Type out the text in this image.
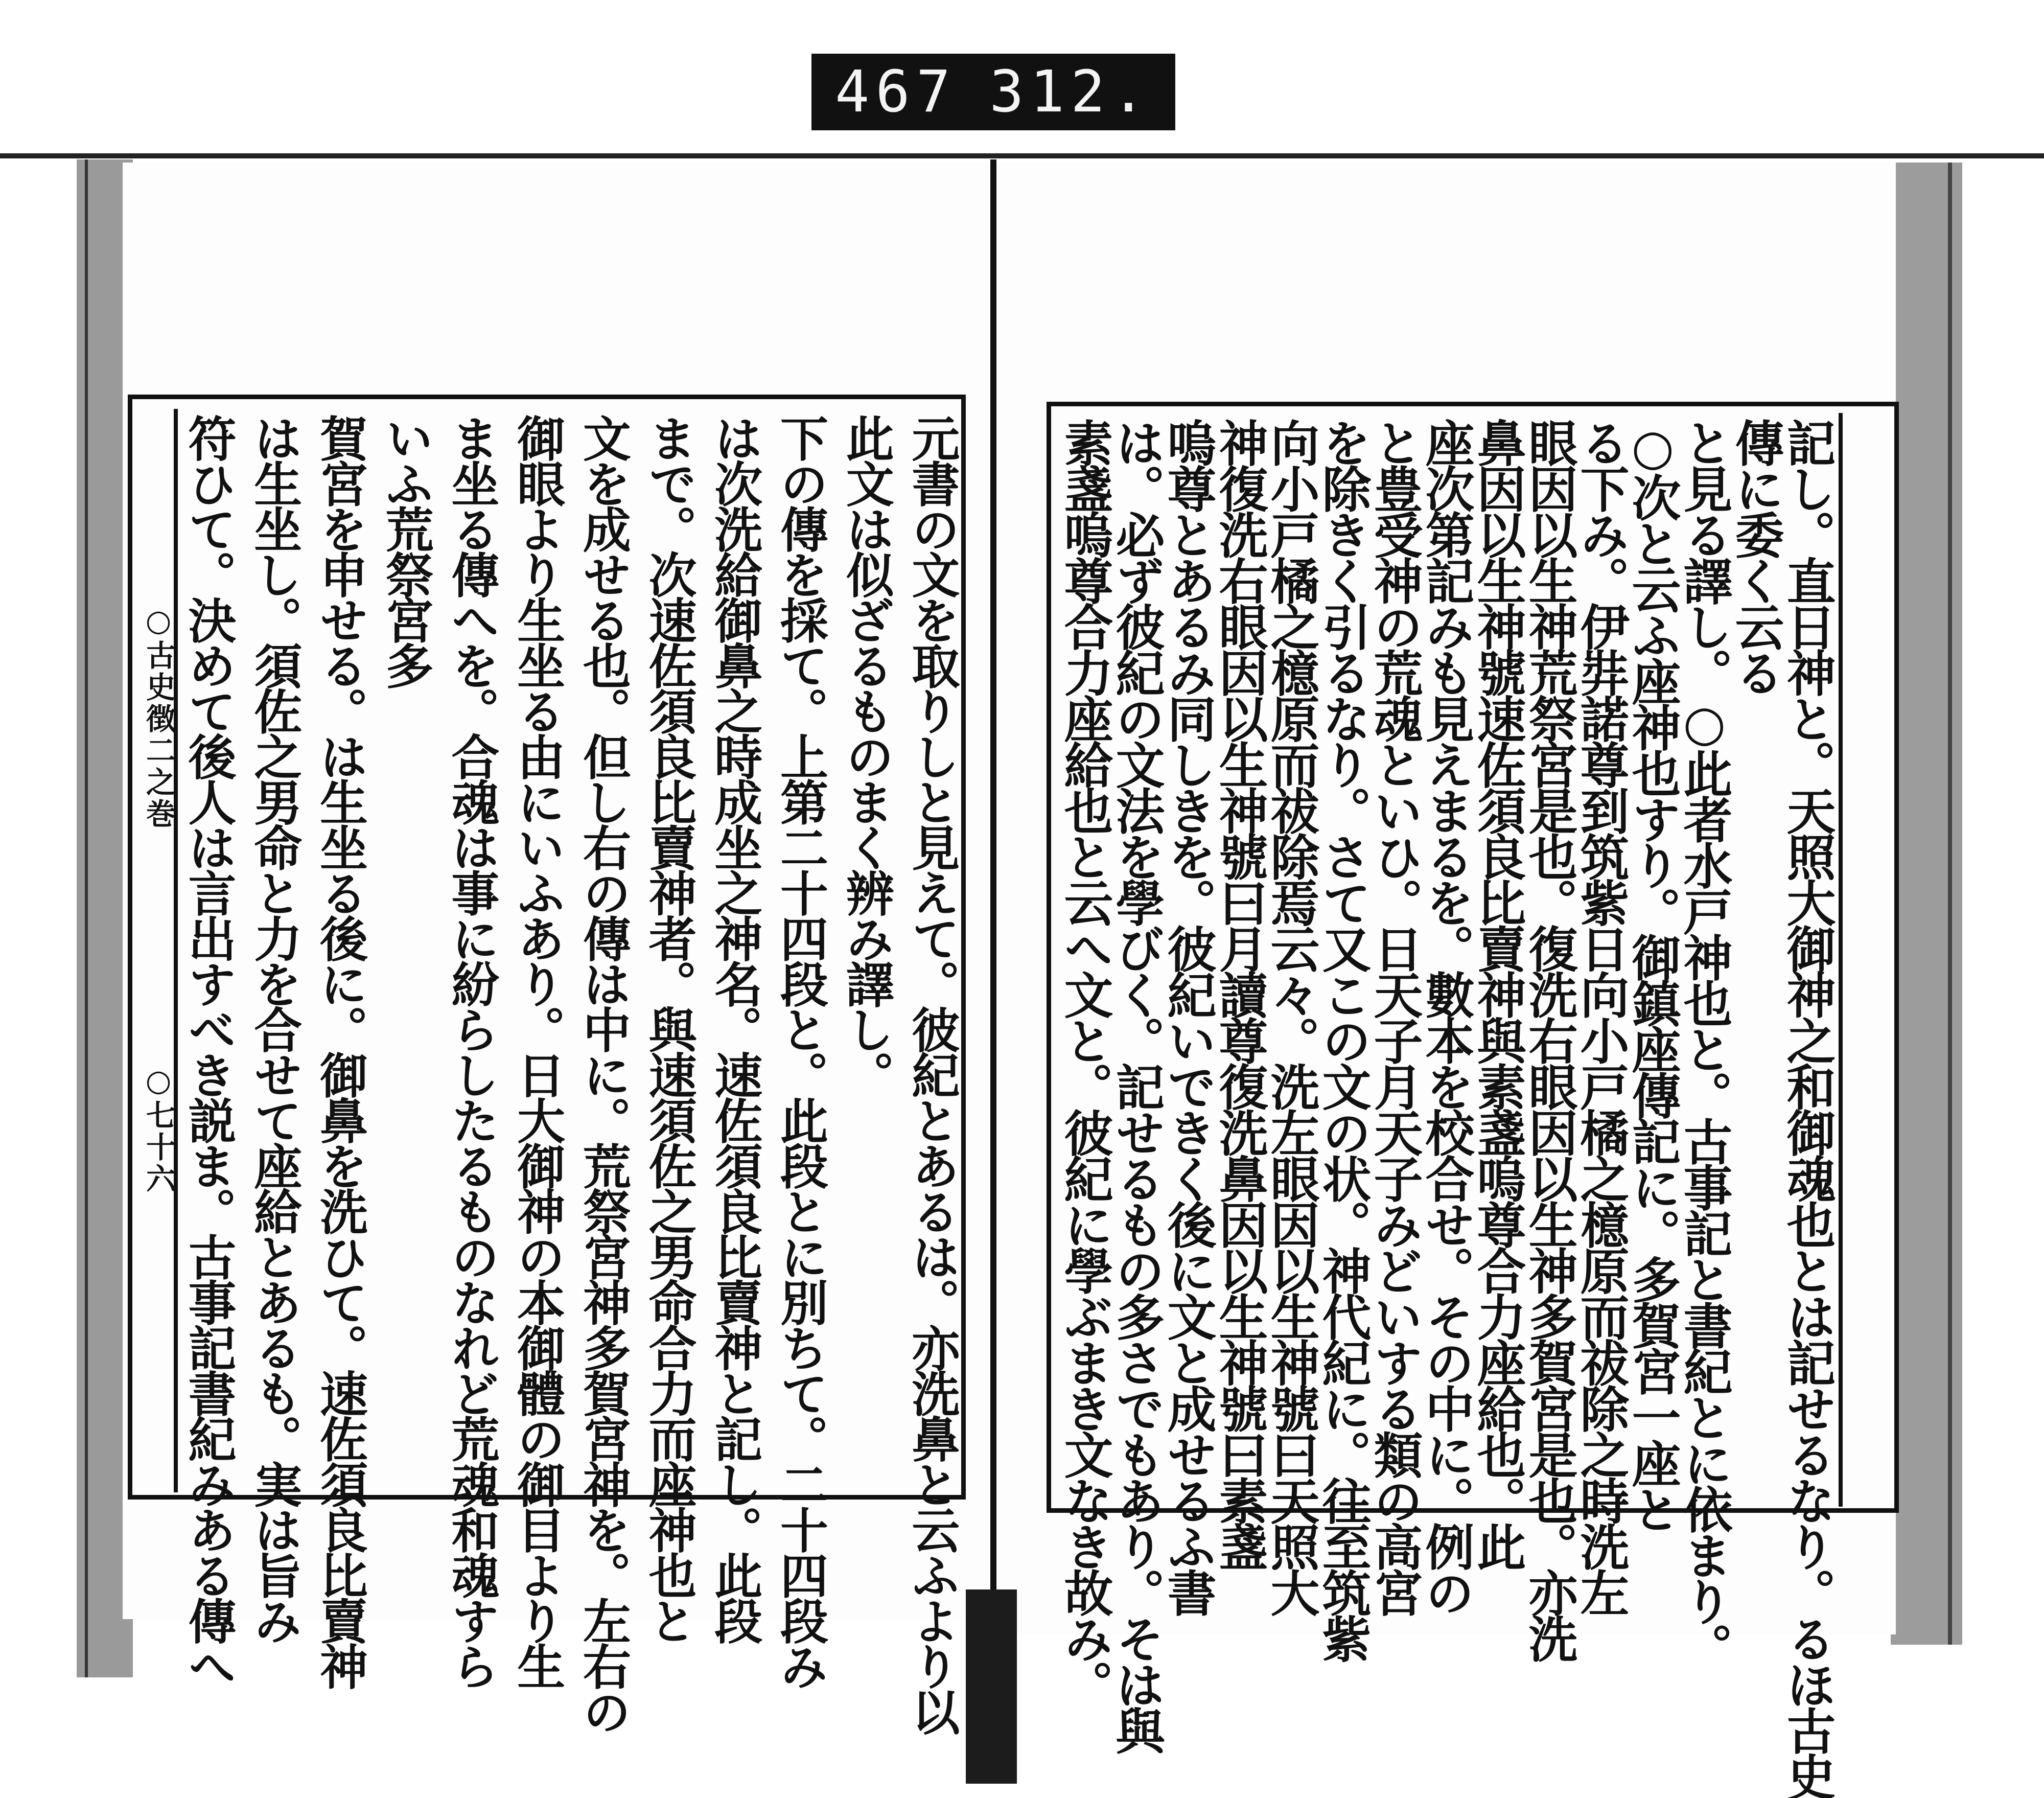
467 312.
○古史徴二之巻
○七十六	記し。直日神と。天照大御神之和御魂也とは記せるなり。るほ古史
傳に委く云る
と見る譯し。○此者水戸神也と。古事記と書紀とに依まり。
○次と云ふ座神也すり。御鎮座傳記に。多賀宮一座と
る下み。伊弉諾尊到筑紫日向小戸橘之檍原而祓除之時洗左
眼因以生神荒祭宮是也。復洗右眼因以生神多賀宮是也。亦洗
鼻因以生神號速佐須良比賣神與素盞嗚尊合力座給也。此
座次第記みも見えまるを。數本を校合せ。その中に。例の
と豊受神の荒魂といひ。日天子月天子みどいする類の高宮
を除きく引るなり。さて又この文の状。神代紀に。往至筑紫
向小戸橘之檍原而祓除焉云々。洗左眼因以生神號曰天照大
神復洗右眼因以生神號曰月讀尊復洗鼻因以生神號曰素盞
嗚尊とあるみ同しきを。彼紀いできく後に文と成せるふ書
は。必ず彼紀の文法を學びく。記せるもの多さでもあり。そは與
素盞嗚尊合力座給也と云へ文と。彼紀に學ぶまき文なき故み。
元書の文を取りしと見えて。彼紀とあるは。亦洗鼻と云ふより以
此文は似ざるものまく辨み譯し。
下の傳を採て。上第二十四段と。此段とに別ちて。二十四段み
は次洗給御鼻之時成坐之神名。速佐須良比賣神と記し。此段
まで。次速佐須良比賣神者。與速須佐之男命合力而座神也と
文を成せる也。但し右の傳は中に。荒祭宮神多賀宮神を。左右の
御眼より生坐る由にいふあり。日大御神の本御體の御目より生
ま坐る傳へを。合魂は事に紛らしたるものなれど荒魂和魂すら
いふ荒祭宮多
賀宮を申せる。は生坐る後に。御鼻を洗ひて。速佐須良比賣神
は生坐し。須佐之男命と力を合せて座給とあるも。実は旨み
符ひて。決めて後人は言出すべき説ま。古事記書紀みある傳へ
